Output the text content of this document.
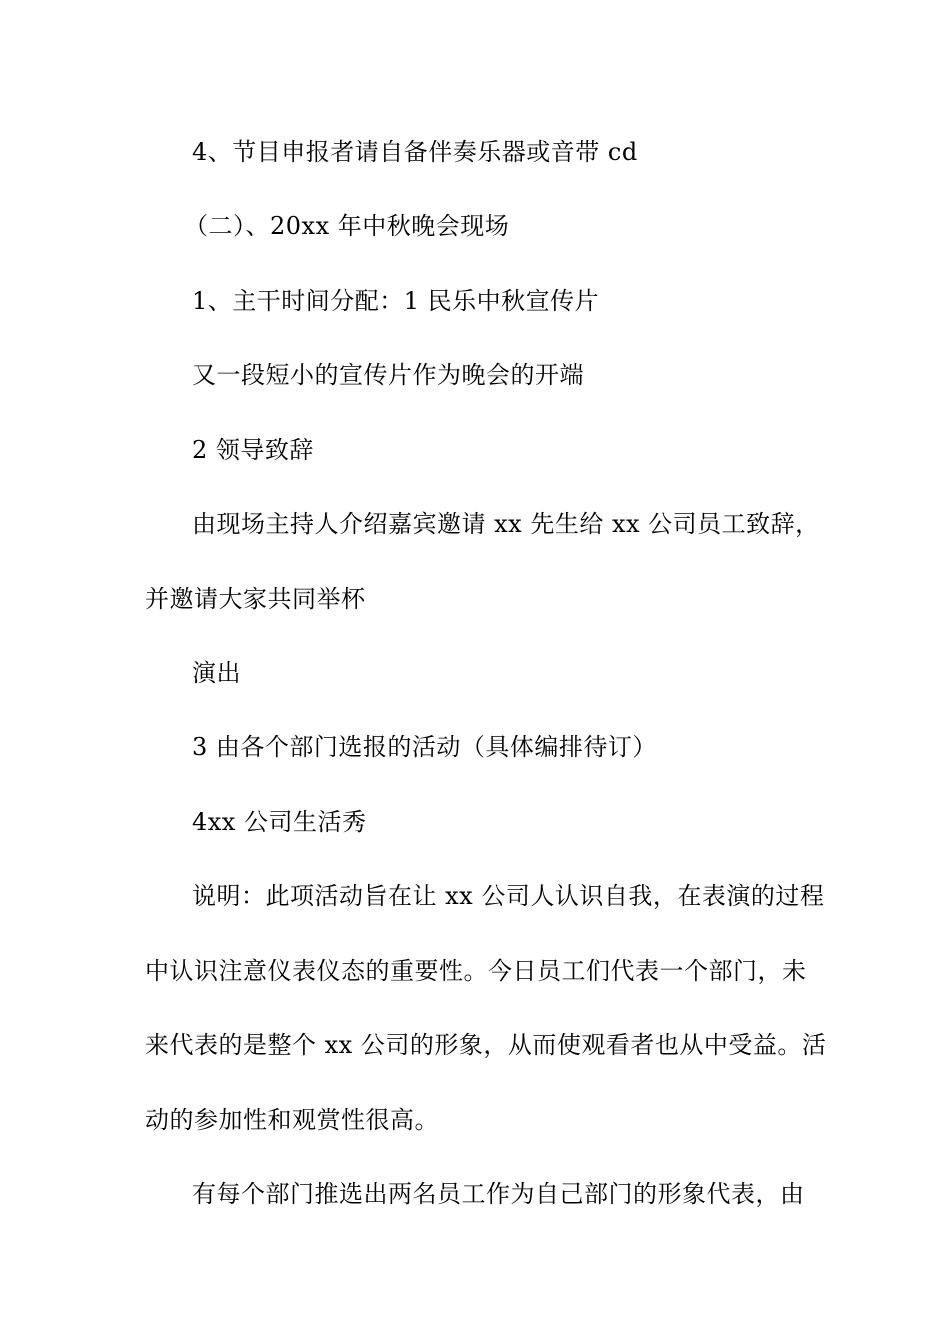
4、节目申报者请自备伴奏乐器或音带 cd
（二）、20xx 年中秋晚会现场
1、主干时间分配：1 民乐中秋宣传片
又一段短小的宣传片作为晚会的开端
2 领导致辞
由现场主持人介绍嘉宾邀请 xx 先生给 xx 公司员工致辞，
并邀请大家共同举杯
演出
3 由各个部门选报的活动（具体编排待订）
4xx 公司生活秀
说明：此项活动旨在让 xx 公司人认识自我，在表演的过程
中认识注意仪表仪态的重要性。今日员工们代表一个部门，未
来代表的是整个 xx 公司的形象，从而使观看者也从中受益。活
动的参加性和观赏性很高。
有每个部门推选出两名员工作为自己部门的形象代表，由
